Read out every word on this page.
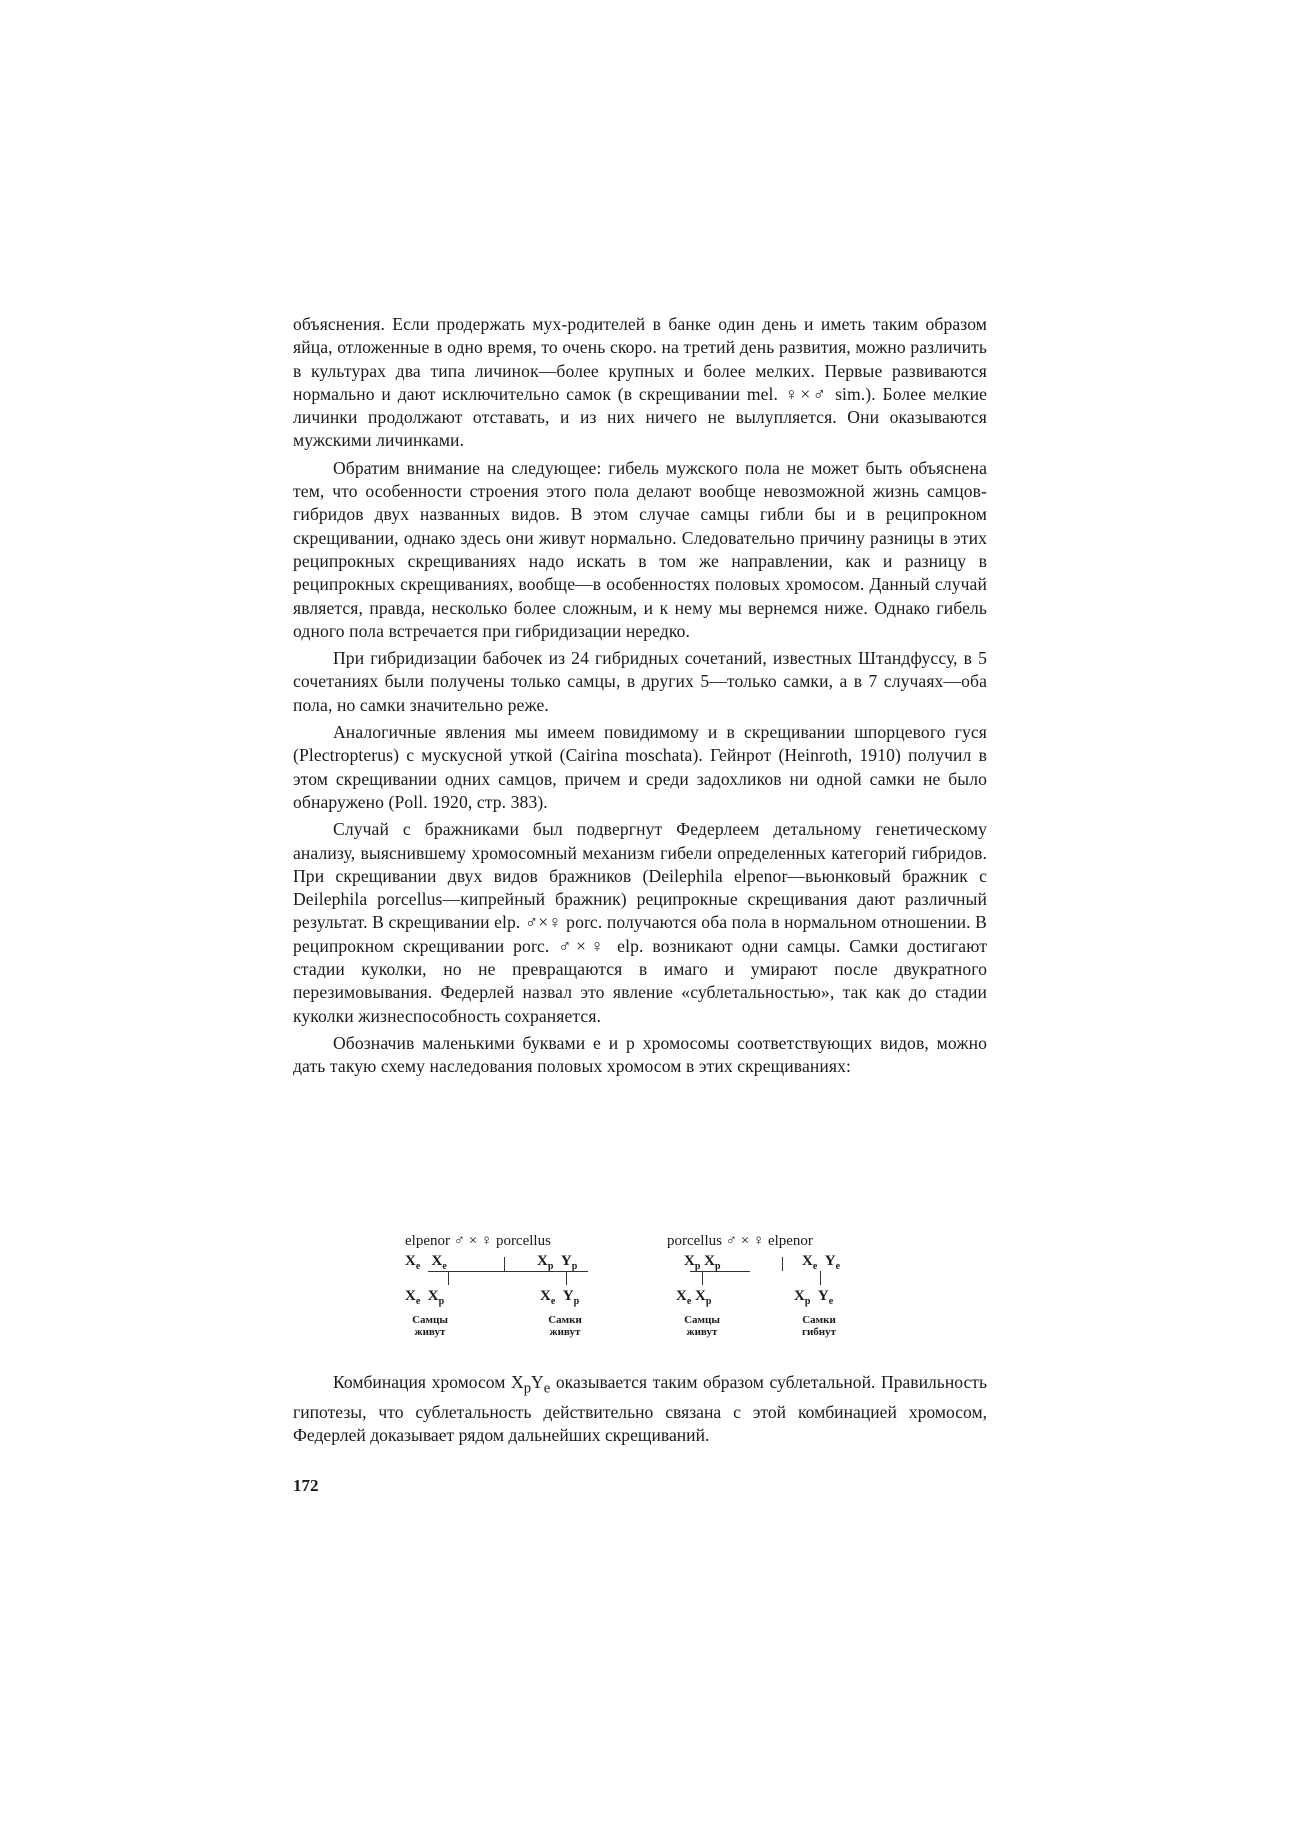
объяснения. Если продержать мух-родителей в банке один день и иметь таким образом яйца, отложенные в одно время, то очень скоро. на третий день развития, можно различить в культурах два типа личинок—более крупных и более мелких. Первые развиваются нормально и дают исключительно самок (в скрещивании mel. ♀×♂ sim.). Более мелкие личинки продолжают отставать, и из них ничего не вылупляется. Они оказываются мужскими личинками.

Обратим внимание на следующее: гибель мужского пола не может быть объяснена тем, что особенности строения этого пола делают вообще невозможной жизнь самцов-гибридов двух названных видов. В этом случае самцы гибли бы и в реципрокном скрещивании, однако здесь они живут нормально. Следовательно причину разницы в этих реципрокных скрещиваниях надо искать в том же направлении, как и разницу в реципрокных скрещиваниях, вообще—в особенностях половых хромосом. Данный случай является, правда, несколько более сложным, и к нему мы вернемся ниже. Однако гибель одного пола встречается при гибридизации нередко.

При гибридизации бабочек из 24 гибридных сочетаний, известных Штандфуссу, в 5 сочетаниях были получены только самцы, в других 5—только самки, а в 7 случаях—оба пола, но самки значительно реже.

Аналогичные явления мы имеем повидимому и в скрещивании шпорцевого гуся (Plectropterus) с мускусной уткой (Cairina moschata). Гейнрот (Heinroth, 1910) получил в этом скрещивании одних самцов, причем и среди задохликов ни одной самки не было обнаружено (Poll. 1920, стр. 383).

Случай с бражниками был подвергнут Федерлеем детальному генетическому анализу, выяснившему хромосомный механизм гибели определенных категорий гибридов. При скрещивании двух видов бражников (Deilephila elpenor—вьюнковый бражник с Deilephila porcellus—кипрейный бражник) реципрокные скрещивания дают различный результат. В скрещивании elp. ♂×♀ porc. получаются оба пола в нормальном отношении. В реципрокном скрещивании porc. ♂×♀ elp. возникают одни самцы. Самки достигают стадии куколки, но не превращаются в имаго и умирают после двукратного перезимовывания. Федерлей назвал это явление «сублетальностью», так как до стадии куколки жизнеспособность сохраняется.

Обозначив маленькими буквами e и p хромосомы соответствующих видов, можно дать такую схему наследования половых хромосом в этих скрещиваниях:

elpenor ♂ × ♀ porcellus
$X_e$ $X_e$	$X_p$ $Y_p$
$X_e$ $X_p$	$X_e$ $Y_p$
Самцы
живут
Самки
живут
porcellus ♂ × ♀ elpenor
$X_p$ $X_p$	$X_e$ $Y_e$
$X_e$ $X_p$	$X_p$ $Y_e$
Самцы
живут
Самки
гибнут

Комбинация хромосом $X_pY_e$ оказывается таким образом сублетальной. Правильность гипотезы, что сублетальность действительно связана с этой комбинацией хромосом, Федерлей доказывает рядом дальнейших скрещиваний.

172
